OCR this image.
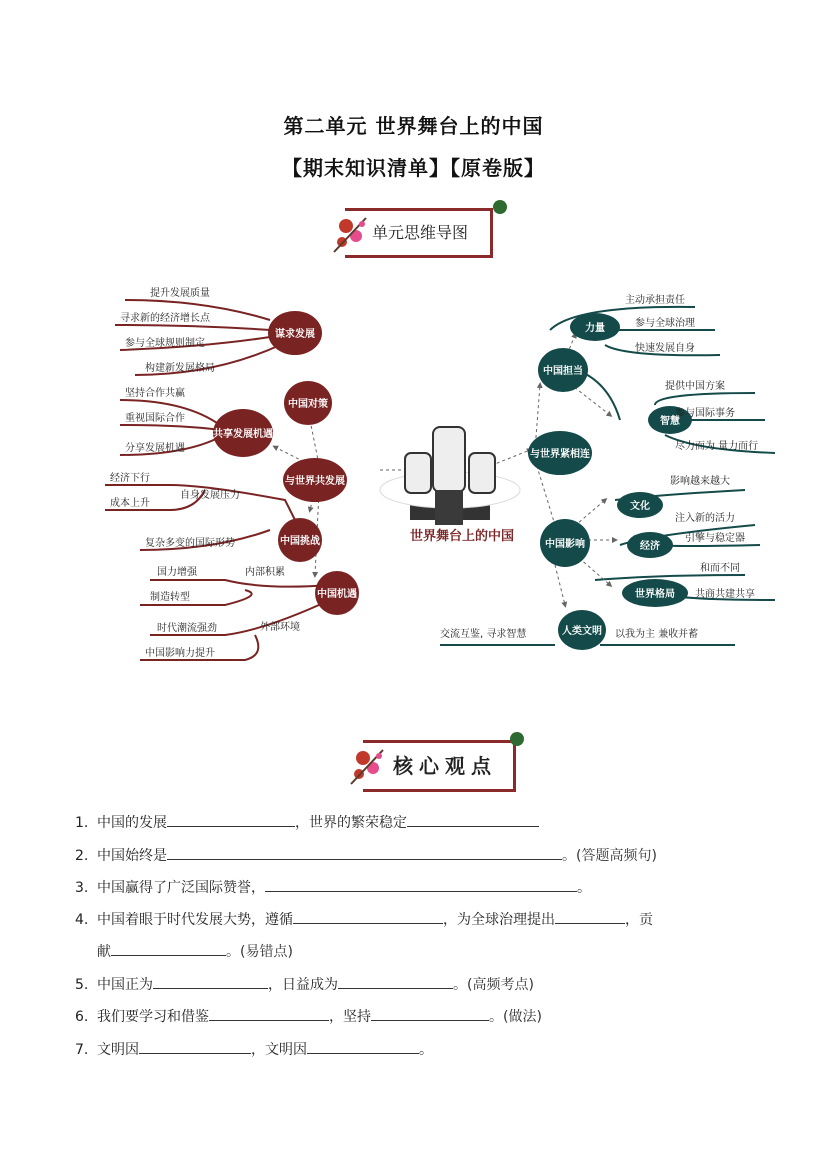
第二单元 世界舞台上的中国
【期末知识清单】【原卷版】
单元思维导图
谋求发展
中国对策
共享发展机遇
与世界共发展
中国挑战
中国机遇
力量
中国担当
智慧
与世界紧相连
文化
中国影响	经济
世界格局
人类文明
提升发展质量
寻求新的经济增长点
参与全球规则制定
构建新发展格局
坚持合作共赢
重视国际合作
分享发展机遇
自身发展压力
经济下行
成本上升
复杂多变的国际形势
内部积累
国力增强
制造转型
外部环境
时代潮流强劲
中国影响力提升
主动承担责任
参与全球治理
快速发展自身
提供中国方案
参与国际事务
尽力而为 量力而行
影响越来越大
注入新的活力
引擎与稳定器
和而不同
共商共建共享
交流互鉴, 寻求智慧	以我为主 兼收并蓄
世界舞台上的中国
核心观点
1. 中国的发展	，世界的繁荣稳定
2. 中国始终是	。(答题高频句)
3. 中国赢得了广泛国际赞誉，	。
4. 中国着眼于时代发展大势，遵循	，为全球治理提出	，贡
献	。(易错点)
5. 中国正为	，日益成为	。(高频考点)
6. 我们要学习和借鉴	，坚持	。(做法)
7. 文明因	，文明因	。
